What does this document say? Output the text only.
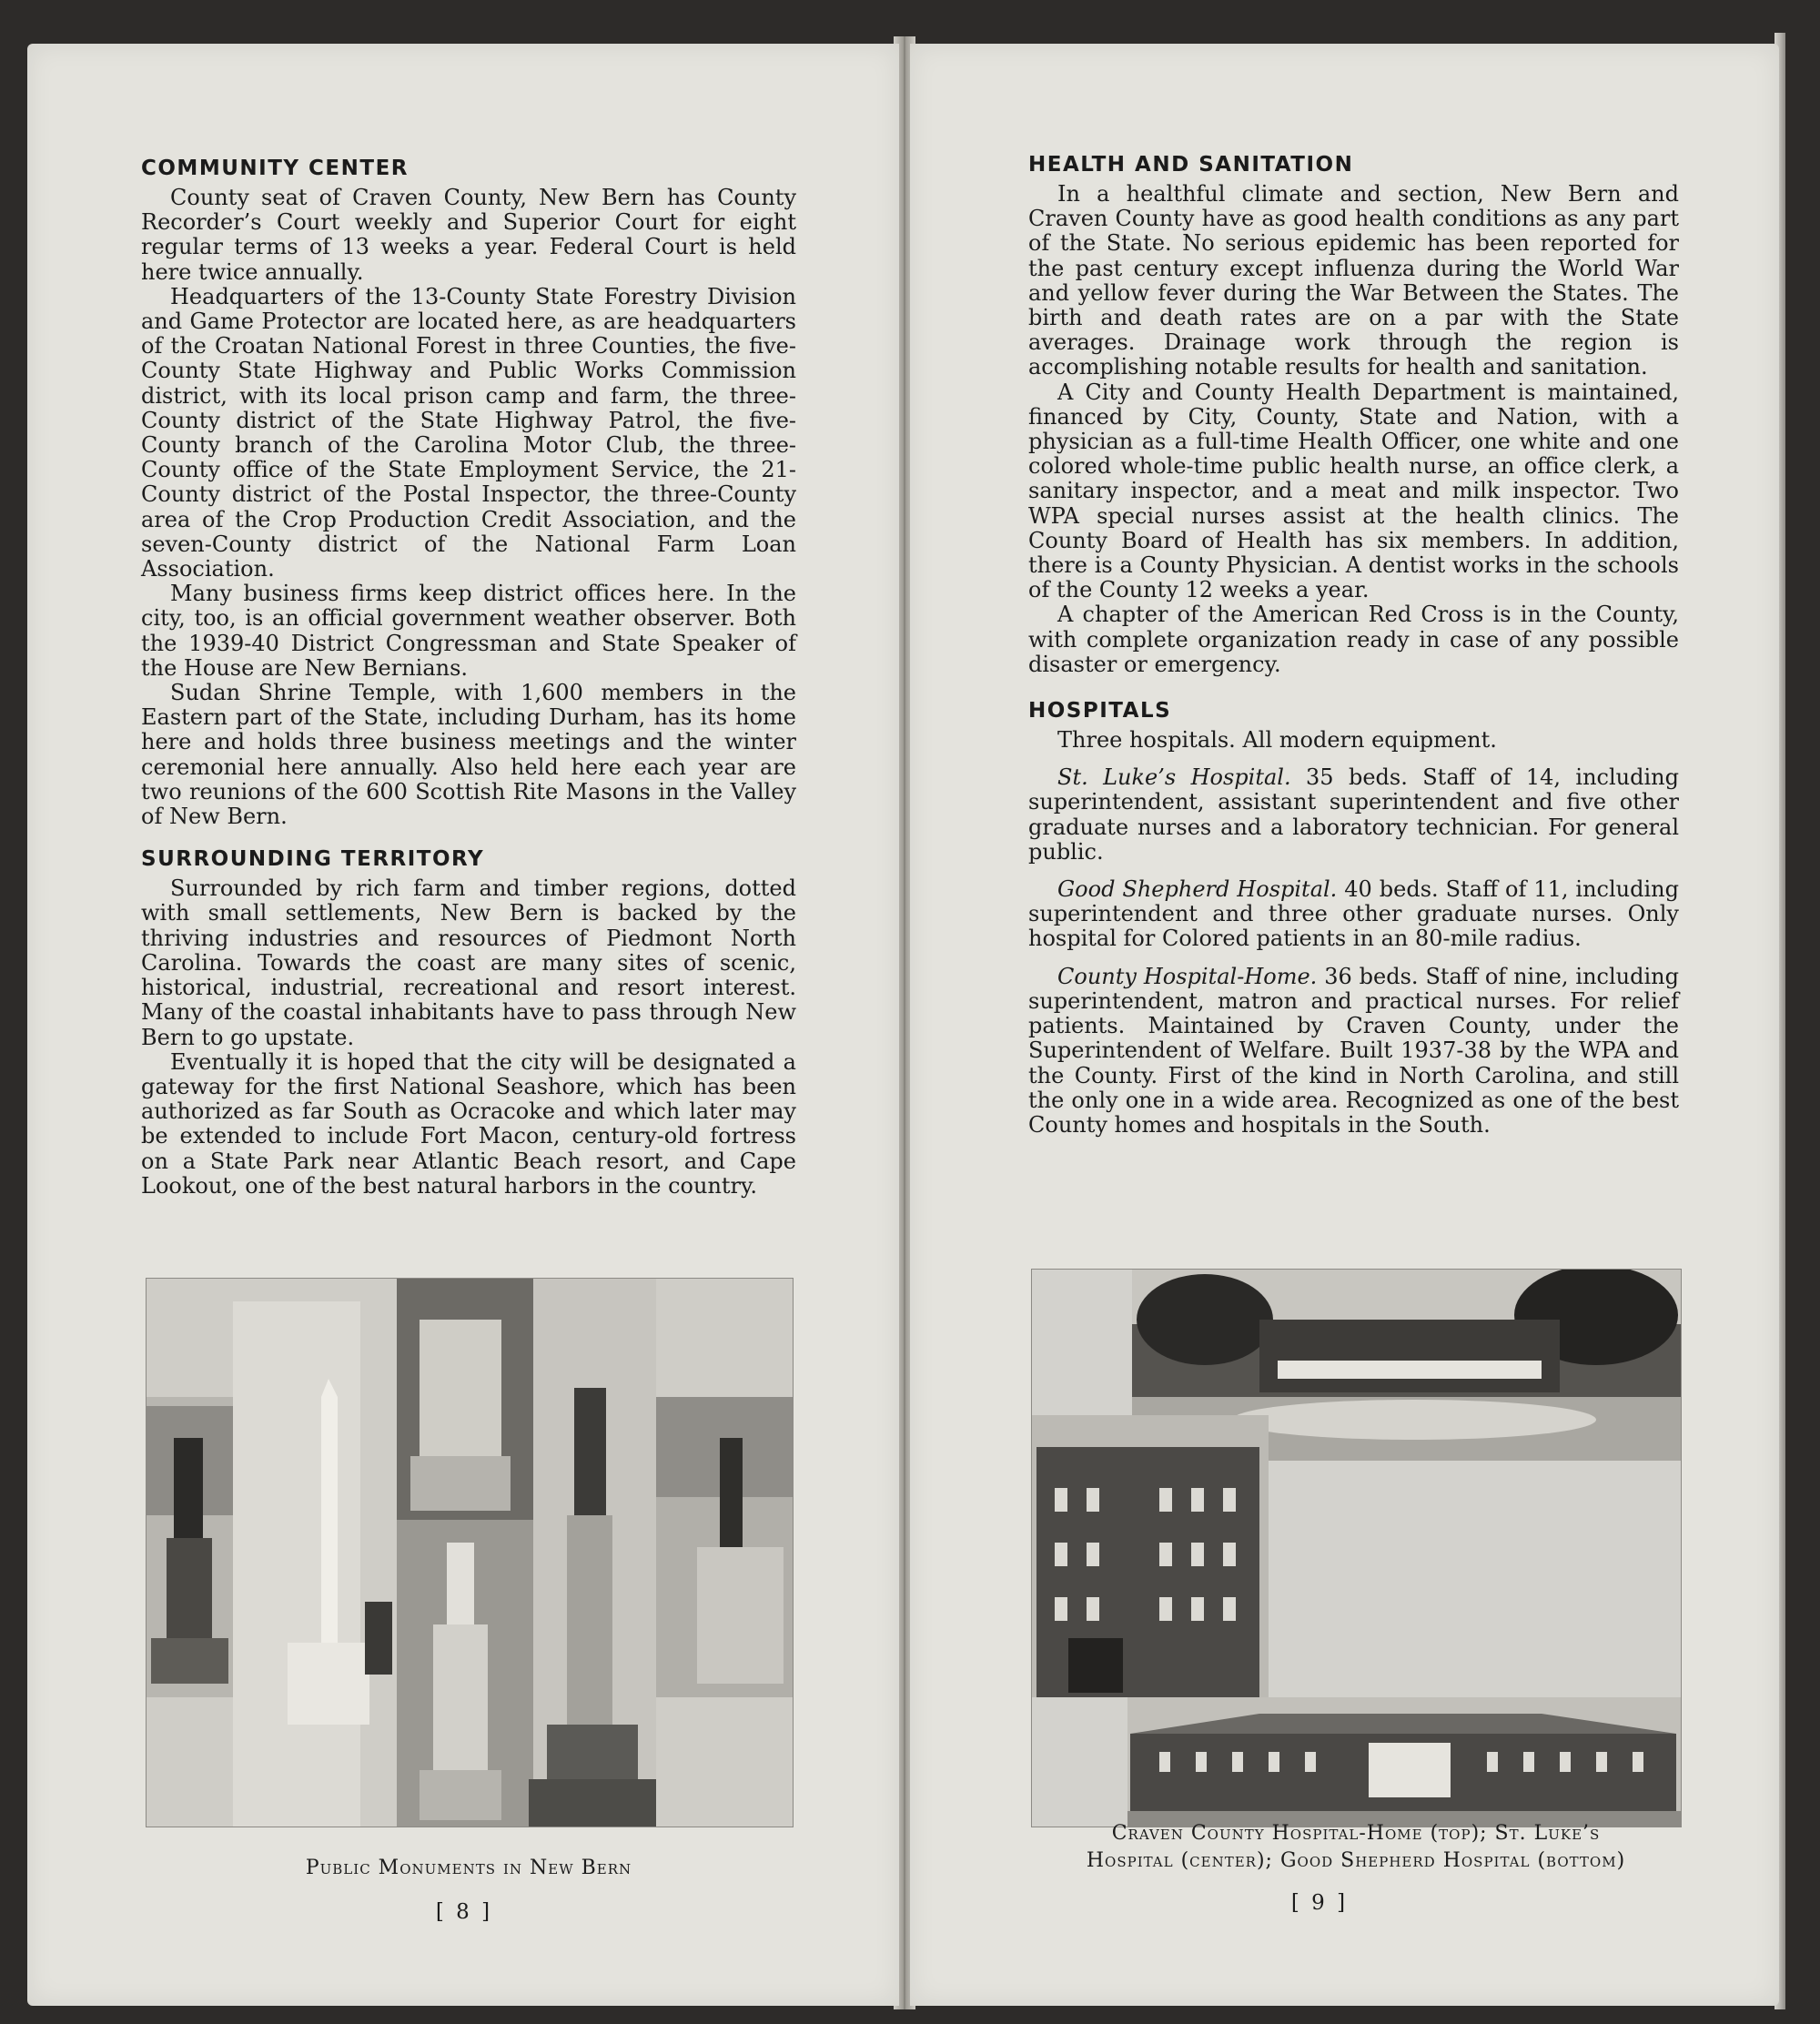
COMMUNITY CENTER

County seat of Craven County, New Bern has County Recorder’s Court weekly and Superior Court for eight regular terms of 13 weeks a year. Federal Court is held here twice annually.

Headquarters of the 13-County State Forestry Division and Game Protector are located here, as are headquarters of the Croatan National Forest in three Counties, the five-County State Highway and Public Works Commission district, with its local prison camp and farm, the three-County district of the State Highway Patrol, the five-County branch of the Carolina Motor Club, the three-County office of the State Employment Service, the 21-County district of the Postal Inspector, the three-County area of the Crop Production Credit Association, and the seven-County district of the National Farm Loan Association.

Many business firms keep district offices here. In the city, too, is an official government weather observer. Both the 1939-40 District Congressman and State Speaker of the House are New Bernians.

Sudan Shrine Temple, with 1,600 members in the Eastern part of the State, including Durham, has its home here and holds three business meetings and the winter ceremonial here annually. Also held here each year are two reunions of the 600 Scottish Rite Masons in the Valley of New Bern.

SURROUNDING TERRITORY

Surrounded by rich farm and timber regions, dotted with small settlements, New Bern is backed by the thriving industries and resources of Piedmont North Carolina. Towards the coast are many sites of scenic, historical, industrial, recreational and resort interest. Many of the coastal inhabitants have to pass through New Bern to go upstate.

Eventually it is hoped that the city will be designated a gateway for the first National Seashore, which has been authorized as far South as Ocracoke and which later may be extended to include Fort Macon, century-old fortress on a State Park near Atlantic Beach resort, and Cape Lookout, one of the best natural harbors in the country.

Public Monuments in New Bern
[ 8 ]
HEALTH AND SANITATION

In a healthful climate and section, New Bern and Craven County have as good health conditions as any part of the State. No serious epidemic has been reported for the past century except influenza during the World War and yellow fever during the War Between the States. The birth and death rates are on a par with the State averages. Drainage work through the region is accomplishing notable results for health and sanitation.

A City and County Health Department is maintained, financed by City, County, State and Nation, with a physician as a full-time Health Officer, one white and one colored whole-time public health nurse, an office clerk, a sanitary inspector, and a meat and milk inspector. Two WPA special nurses assist at the health clinics. The County Board of Health has six members. In addition, there is a County Physician. A dentist works in the schools of the County 12 weeks a year.

A chapter of the American Red Cross is in the County, with complete organization ready in case of any possible disaster or emergency.

HOSPITALS

Three hospitals. All modern equipment.

St. Luke’s Hospital. 35 beds. Staff of 14, including superintendent, assistant superintendent and five other graduate nurses and a laboratory technician. For general public.

Good Shepherd Hospital. 40 beds. Staff of 11, including superintendent and three other graduate nurses. Only hospital for Colored patients in an 80-mile radius.

County Hospital-Home. 36 beds. Staff of nine, including superintendent, matron and practical nurses. For relief patients. Maintained by Craven County, under the Superintendent of Welfare. Built 1937-38 by the WPA and the County. First of the kind in North Carolina, and still the only one in a wide area. Recognized as one of the best County homes and hospitals in the South.

Craven County Hospital-Home (top); St. Luke’s
Hospital (center); Good Shepherd Hospital (bottom)
[ 9 ]
